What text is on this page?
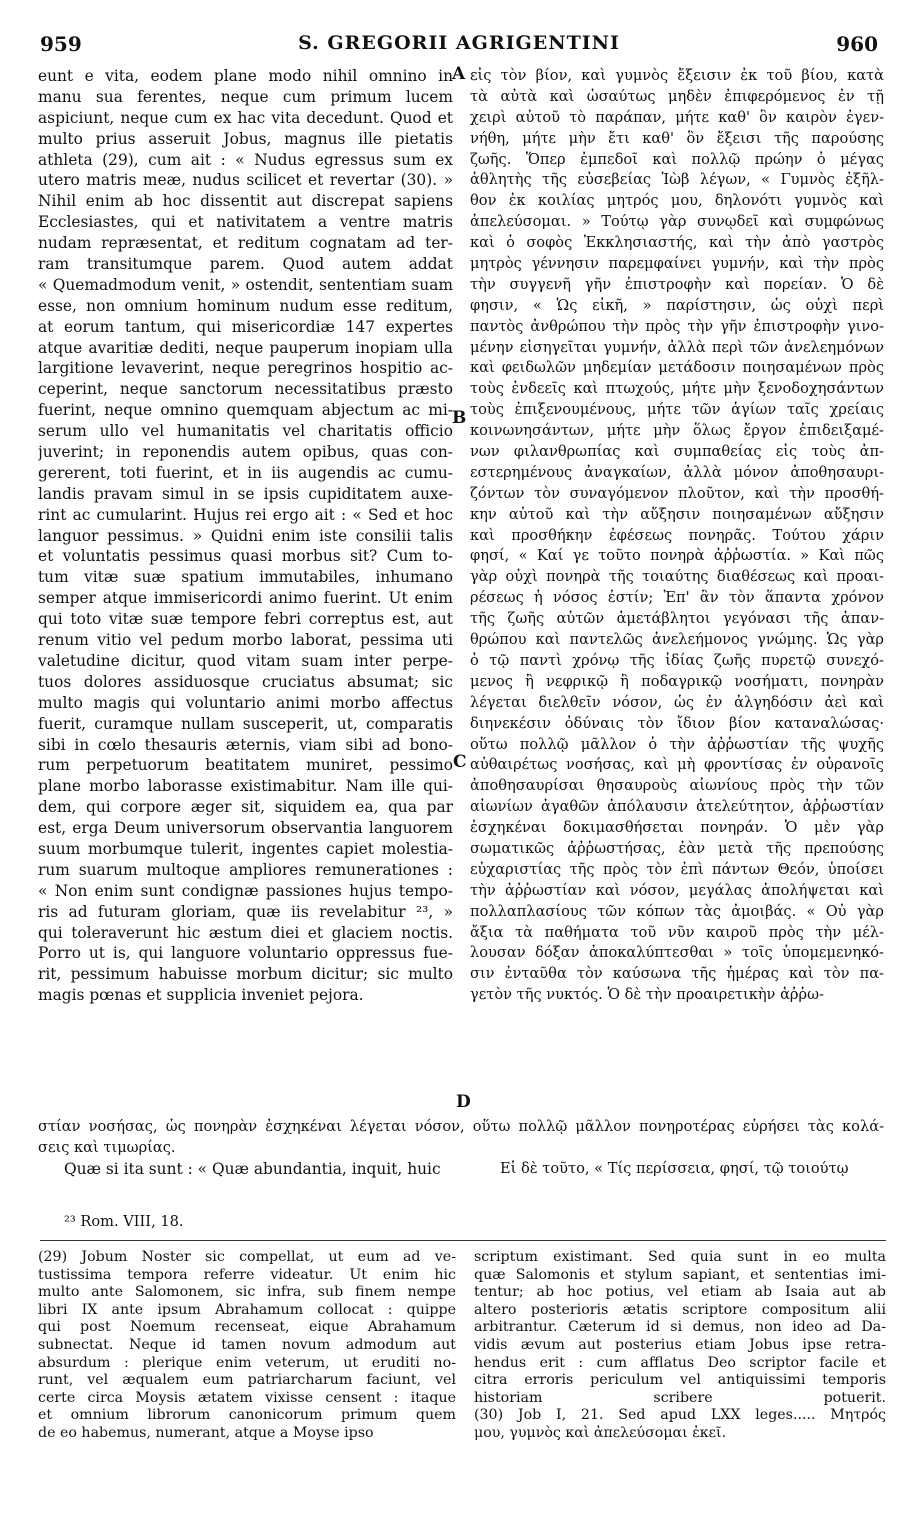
959	S. GREGORII AGRIGENTINI	960
eunt e vita, eodem plane modo nihil omnino in
manu sua ferentes, neque cum primum lucem
aspiciunt, neque cum ex hac vita decedunt. Quod et
multo prius asseruit Jobus, magnus ille pietatis
athleta (29), cum ait : « Nudus egressus sum ex
utero matris meæ, nudus scilicet et revertar (30). »
Nihil enim ab hoc dissentit aut discrepat sapiens
Ecclesiastes, qui et nativitatem a ventre matris
nudam repræsentat, et reditum cognatam ad ter-
ram transitumque parem. Quod autem addat
« Quemadmodum venit, » ostendit, sententiam suam
esse, non omnium hominum nudum esse reditum,
at eorum tantum, qui misericordiæ 147 expertes
atque avaritiæ dediti, neque pauperum inopiam ulla
largitione levaverint, neque peregrinos hospitio ac-
ceperint, neque sanctorum necessitatibus præsto
fuerint, neque omnino quemquam abjectum ac mi-
serum ullo vel humanitatis vel charitatis officio
juverint; in reponendis autem opibus, quas con-
gererent, toti fuerint, et in iis augendis ac cumu-
landis pravam simul in se ipsis cupiditatem auxe-
rint ac cumularint. Hujus rei ergo ait : « Sed et hoc
languor pessimus. » Quidni enim iste consilii talis
et voluntatis pessimus quasi morbus sit? Cum to-
tum vitæ suæ spatium immutabiles, inhumano
semper atque immisericordi animo fuerint. Ut enim
qui toto vitæ suæ tempore febri correptus est, aut
renum vitio vel pedum morbo laborat, pessima uti
valetudine dicitur, quod vitam suam inter perpe-
tuos dolores assiduosque cruciatus absumat; sic
multo magis qui voluntario animi morbo affectus
fuerit, curamque nullam susceperit, ut, comparatis
sibi in cœlo thesauris æternis, viam sibi ad bono-
rum perpetuorum beatitatem muniret, pessimo
plane morbo laborasse existimabitur. Nam ille qui-
dem, qui corpore æger sit, siquidem ea, qua par
est, erga Deum universorum observantia languorem
suum morbumque tulerit, ingentes capiet molestia-
rum suarum multoque ampliores remunerationes :
« Non enim sunt condignæ passiones hujus tempo-
ris ad futuram gloriam, quæ iis revelabitur ²³, »
qui toleraverunt hic æstum diei et glaciem noctis.
Porro ut is, qui languore voluntario oppressus fue-
rit, pessimum habuisse morbum dicitur; sic multo
magis pœnas et supplicia inveniet pejora.
εἰς τὸν βίον, καὶ γυμνὸς ἔξεισιν ἐκ τοῦ βίου, κατὰ
τὰ αὐτὰ καὶ ὡσαύτως μηδὲν ἐπιφερόμενος ἐν τῇ
χειρὶ αὐτοῦ τὸ παράπαν, μήτε καθ' ὃν καιρὸν ἐγεν-
νήθη, μήτε μὴν ἔτι καθ' ὃν ἔξεισι τῆς παρούσης
ζωῆς. Ὅπερ ἐμπεδοῖ καὶ πολλῷ πρώην ὁ μέγας
ἀθλητὴς τῆς εὐσεβείας Ἰὼβ λέγων, « Γυμνὸς ἐξῆλ-
θον ἐκ κοιλίας μητρός μου, δηλονότι γυμνὸς καὶ
ἀπελεύσομαι. » Τούτῳ γὰρ συνῳδεῖ καὶ συμφώνως
καὶ ὁ σοφὸς Ἐκκλησιαστής, καὶ τὴν ἀπὸ γαστρὸς
μητρὸς γέννησιν παρεμφαίνει γυμνήν, καὶ τὴν πρὸς
τὴν συγγενῆ γῆν ἐπιστροφὴν καὶ πορείαν. Ὁ δὲ
φησιν, « Ὡς εἰκῆ, » παρίστησιν, ὡς οὐχὶ περὶ
παντὸς ἀνθρώπου τὴν πρὸς τὴν γῆν ἐπιστροφὴν γινο-
μένην εἰσηγεῖται γυμνήν, ἀλλὰ περὶ τῶν ἀνελεημόνων
καὶ φειδωλῶν μηδεμίαν μετάδοσιν ποιησαμένων πρὸς
τοὺς ἐνδεεῖς καὶ πτωχούς, μήτε μὴν ξενοδοχησάντων
τοὺς ἐπιξενουμένους, μήτε τῶν ἁγίων ταῖς χρείαις
κοινωνησάντων, μήτε μὴν ὅλως ἔργον ἐπιδειξαμέ-
νων φιλανθρωπίας καὶ συμπαθείας εἰς τοὺς ἀπ-
εστερημένους ἀναγκαίων, ἀλλὰ μόνον ἀποθησαυρι-
ζόντων τὸν συναγόμενον πλοῦτον, καὶ τὴν προσθή-
κην αὐτοῦ καὶ τὴν αὔξησιν ποιησαμένων αὔξησιν
καὶ προσθήκην ἐφέσεως πονηρᾶς. Τούτου χάριν
φησί, « Καί γε τοῦτο πονηρὰ ἀῤῥωστία. » Καὶ πῶς
γὰρ οὐχὶ πονηρὰ τῆς τοιαύτης διαθέσεως καὶ προαι-
ρέσεως ἡ νόσος ἐστίν; Ἐπ' ἂν τὸν ἅπαντα χρόνον
τῆς ζωῆς αὐτῶν ἀμετάβλητοι γεγόνασι τῆς ἀπαν-
θρώπου καὶ παντελῶς ἀνελεήμονος γνώμης. Ὡς γὰρ
ὁ τῷ παντὶ χρόνῳ τῆς ἰδίας ζωῆς πυρετῷ συνεχό-
μενος ἢ νεφρικῷ ἢ ποδαγρικῷ νοσήματι, πονηρὰν
λέγεται διελθεῖν νόσον, ὡς ἐν ἀλγηδόσιν ἀεὶ καὶ
διηνεκέσιν ὀδύναις τὸν ἴδιον βίον καταναλώσας·
οὕτω πολλῷ μᾶλλον ὁ τὴν ἀῤῥωστίαν τῆς ψυχῆς
αὐθαιρέτως νοσήσας, καὶ μὴ φροντίσας ἐν οὐρανοῖς
ἀποθησαυρίσαι θησαυροὺς αἰωνίους πρὸς τὴν τῶν
αἰωνίων ἀγαθῶν ἀπόλαυσιν ἀτελεύτητον, ἀῤῥωστίαν
ἐσχηκέναι δοκιμασθήσεται πονηράν. Ὁ μὲν γὰρ
σωματικῶς ἀῤῥωστήσας, ἐὰν μετὰ τῆς πρεπούσης
εὐχαριστίας τῆς πρὸς τὸν ἐπὶ πάντων Θεόν, ὑποίσει
τὴν ἀῤῥωστίαν καὶ νόσον, μεγάλας ἀπολήψεται καὶ
πολλαπλασίους τῶν κόπων τὰς ἀμοιβάς. « Οὐ γὰρ
ἄξια τὰ παθήματα τοῦ νῦν καιροῦ πρὸς τὴν μέλ-
λουσαν δόξαν ἀποκαλύπτεσθαι » τοῖς ὑπομεμενηκό-
σιν ἐνταῦθα τὸν καύσωνα τῆς ἡμέρας καὶ τὸν πα-
γετὸν τῆς νυκτός. Ὁ δὲ τὴν προαιρετικὴν ἀῤῥω-
A
B
C
D
στίαν νοσήσας, ὡς πονηρὰν ἐσχηκέναι λέγεται νόσον, οὕτω πολλῷ μᾶλλον πονηροτέρας εὑρήσει τὰς κολά-
σεις καὶ τιμωρίας.
Quæ si ita sunt : « Quæ abundantia, inquit, huic	Εἰ δὲ τοῦτο, « Τίς περίσσεια, φησί, τῷ τοιούτῳ
²³ Rom. VIII, 18.
(29) Jobum Noster sic compellat, ut eum ad ve-
tustissima tempora referre videatur. Ut enim hic
multo ante Salomonem, sic infra, sub finem nempe
libri IX ante ipsum Abrahamum collocat : quippe
qui post Noemum recenseat, eique Abrahamum
subnectat. Neque id tamen novum admodum aut
absurdum : plerique enim veterum, ut eruditi no-
runt, vel æqualem eum patriarcharum faciunt, vel
certe circa Moysis ætatem vixisse censent : itaque
et omnium librorum canonicorum primum quem
de eo habemus, numerant, atque a Moyse ipso
scriptum existimant. Sed quia sunt in eo multa
quæ Salomonis et stylum sapiant, et sententias imi-
tentur; ab hoc potius, vel etiam ab Isaia aut ab
altero posterioris ætatis scriptore compositum alii
arbitrantur. Cæterum id si demus, non ideo ad Da-
vidis ævum aut posterius etiam Jobus ipse retra-
hendus erit : cum afflatus Deo scriptor facile et
citra erroris periculum vel antiquissimi temporis
historiam scribere potuerit.
(30) Job I, 21. Sed apud LXX leges..... Μητρός
μου, γυμνὸς καὶ ἀπελεύσομαι ἐκεῖ.
